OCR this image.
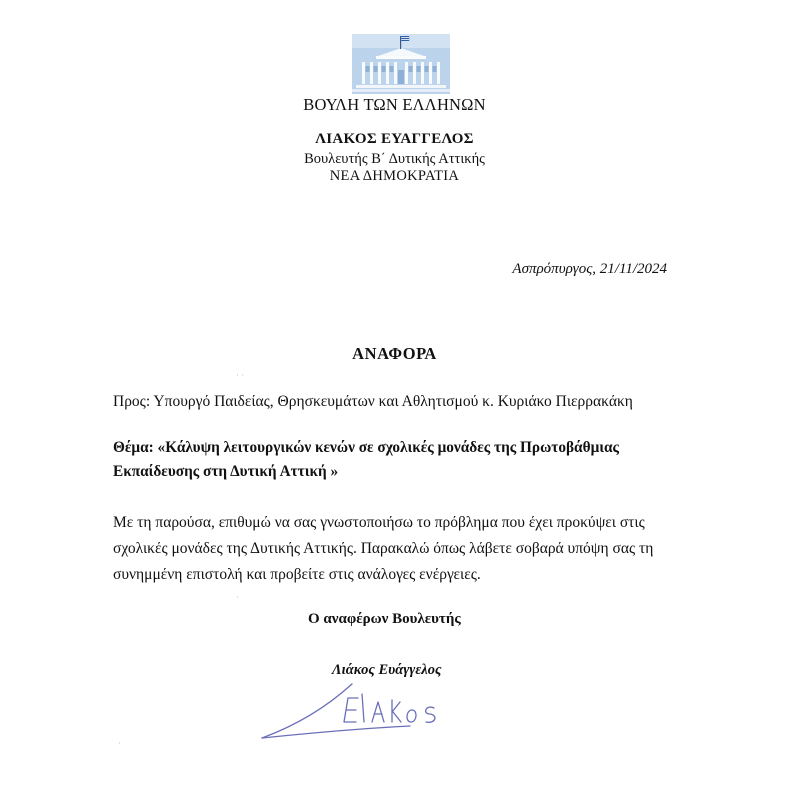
ΒΟΥΛΗ ΤΩΝ ΕΛΛΗΝΩΝ
ΛΙΑΚΟΣ ΕΥΑΓΓΕΛΟΣ
Βουλευτής Β΄ Δυτικής Αττικής
ΝΕΑ ΔΗΜΟΚΡΑΤΙΑ
Ασπρόπυργος, 21/11/2024
ΑΝΑΦΟΡΑ
Προς: Υπουργό Παιδείας, Θρησκευμάτων και Αθλητισμού κ. Κυριάκο Πιερρακάκη
Θέμα: «Κάλυψη λειτουργικών κενών σε σχολικές μονάδες της Πρωτοβάθμιας Εκπαίδευσης στη Δυτική Αττική »
Με τη παρούσα, επιθυμώ να σας γνωστοποιήσω το πρόβλημα που έχει προκύψει στις σχολικές μονάδες της Δυτικής Αττικής. Παρακαλώ όπως λάβετε σοβαρά υπόψη σας τη συνημμένη επιστολή και προβείτε στις ανάλογες ενέργειες.
Ο αναφέρων Βουλευτής
Λιάκος Ευάγγελος
· ·
·
·
